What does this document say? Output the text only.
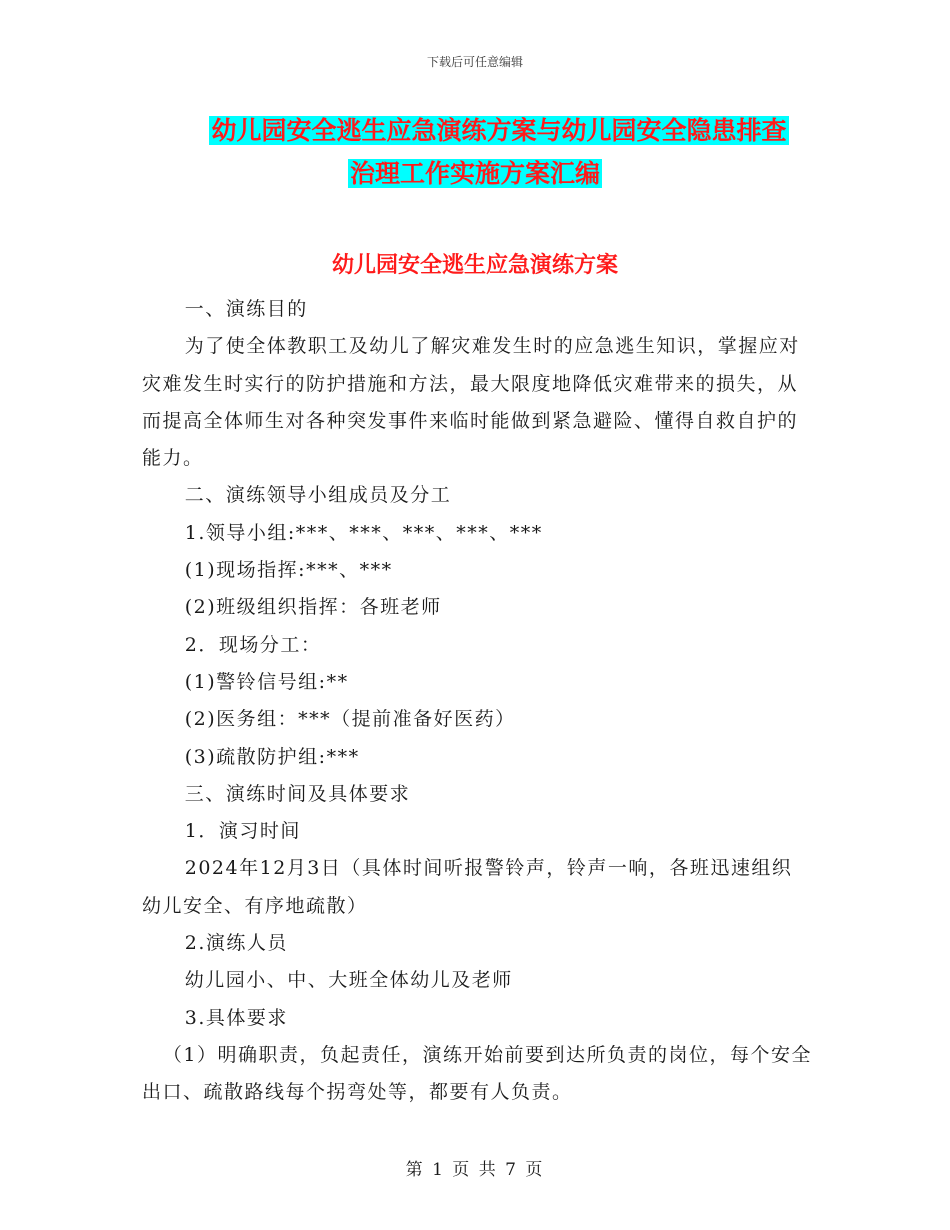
下载后可任意编辑
幼儿园安全逃生应急演练方案与幼儿园安全隐患排查
治理工作实施方案汇编
幼儿园安全逃生应急演练方案

一、演练目的

为了使全体教职工及幼儿了解灾难发生时的应急逃生知识，掌握应对灾难发生时实行的防护措施和方法，最大限度地降低灾难带来的损失，从而提高全体师生对各种突发事件来临时能做到紧急避险、懂得自救自护的能力。

二、演练领导小组成员及分工

1.领导小组:***、***、***、***、***

(1)现场指挥:***、***

(2)班级组织指挥：各班老师

2．现场分工：

(1)警铃信号组:**

(2)医务组：***（提前准备好医药）

(3)疏散防护组:***

三、演练时间及具体要求

1．演习时间

2024年12月3日（具体时间听报警铃声，铃声一响，各班迅速组织幼儿安全、有序地疏散）

2.演练人员

幼儿园小、中、大班全体幼儿及老师

3.具体要求

（1）明确职责，负起责任，演练开始前要到达所负责的岗位，每个安全出口、疏散路线每个拐弯处等，都要有人负责。

第 1 页 共 7 页
